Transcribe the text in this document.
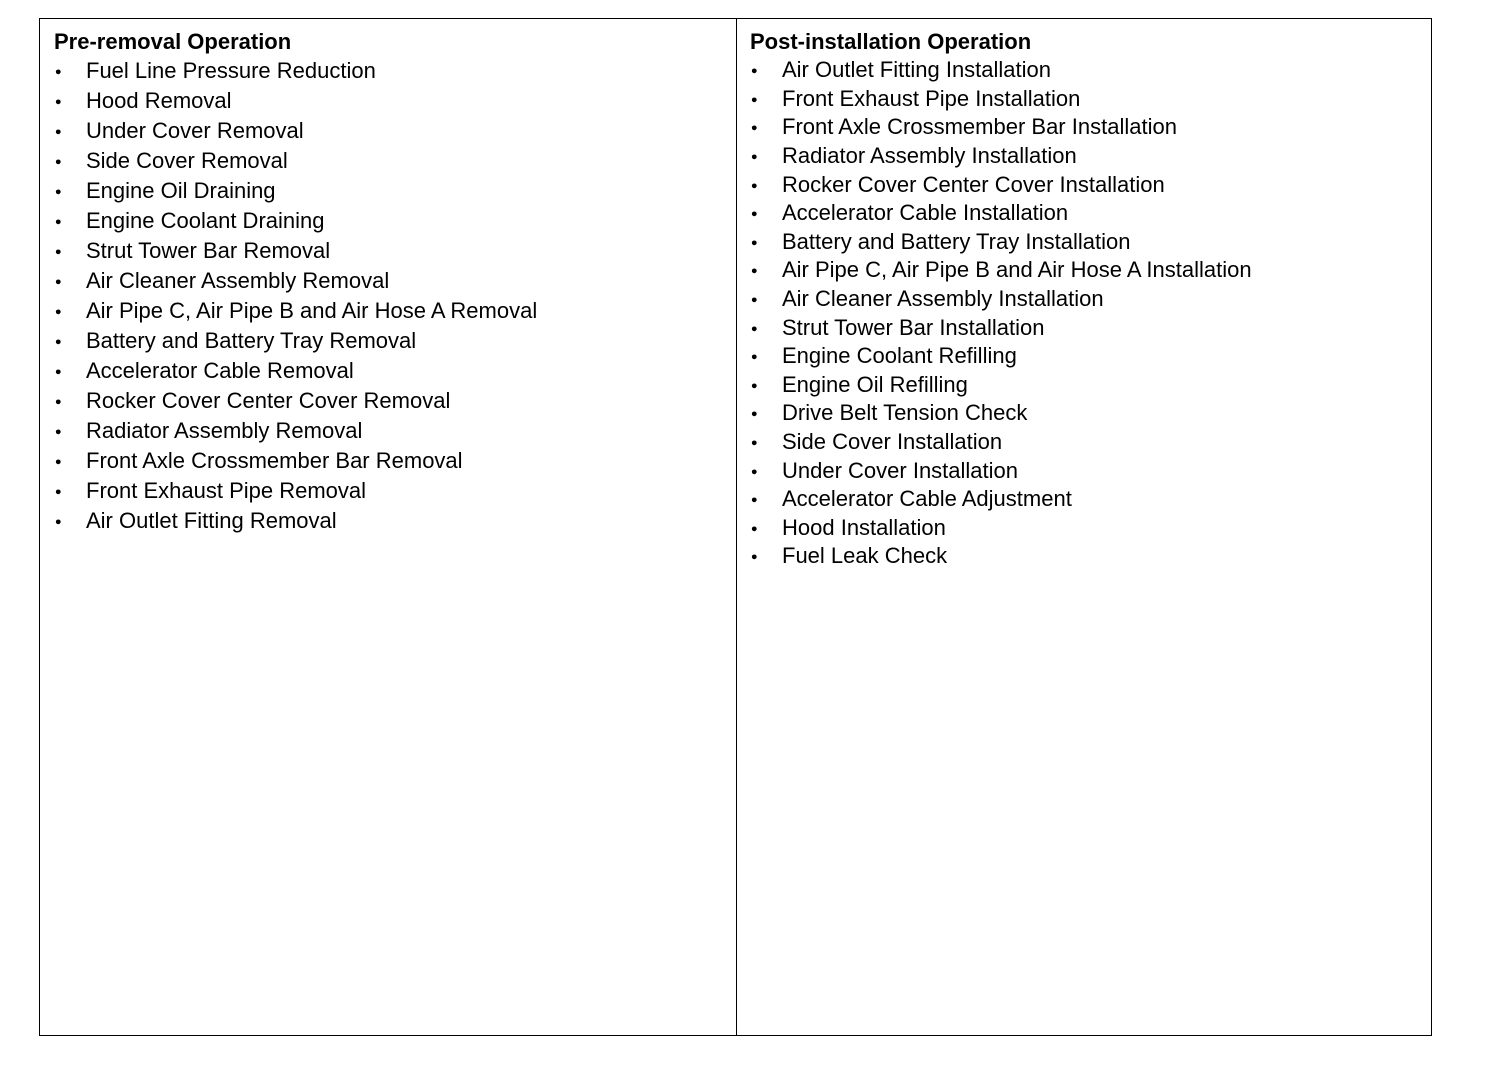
Pre-removal Operation

●
Fuel Line Pressure Reduction
●
Hood Removal
●
Under Cover Removal
●
Side Cover Removal
●
Engine Oil Draining
●
Engine Coolant Draining
●
Strut Tower Bar Removal
●
Air Cleaner Assembly Removal
●
Air Pipe C, Air Pipe B and Air Hose A Removal
●
Battery and Battery Tray Removal
●
Accelerator Cable Removal
●
Rocker Cover Center Cover Removal
●
Radiator Assembly Removal
●
Front Axle Crossmember Bar Removal
●
Front Exhaust Pipe Removal
●
Air Outlet Fitting Removal

Post-installation Operation

●
Air Outlet Fitting Installation
●
Front Exhaust Pipe Installation
●
Front Axle Crossmember Bar Installation
●
Radiator Assembly Installation
●
Rocker Cover Center Cover Installation
●
Accelerator Cable Installation
●
Battery and Battery Tray Installation
●
Air Pipe C, Air Pipe B and Air Hose A Installation
●
Air Cleaner Assembly Installation
●
Strut Tower Bar Installation
●
Engine Coolant Refilling
●
Engine Oil Refilling
●
Drive Belt Tension Check
●
Side Cover Installation
●
Under Cover Installation
●
Accelerator Cable Adjustment
●
Hood Installation
●
Fuel Leak Check
